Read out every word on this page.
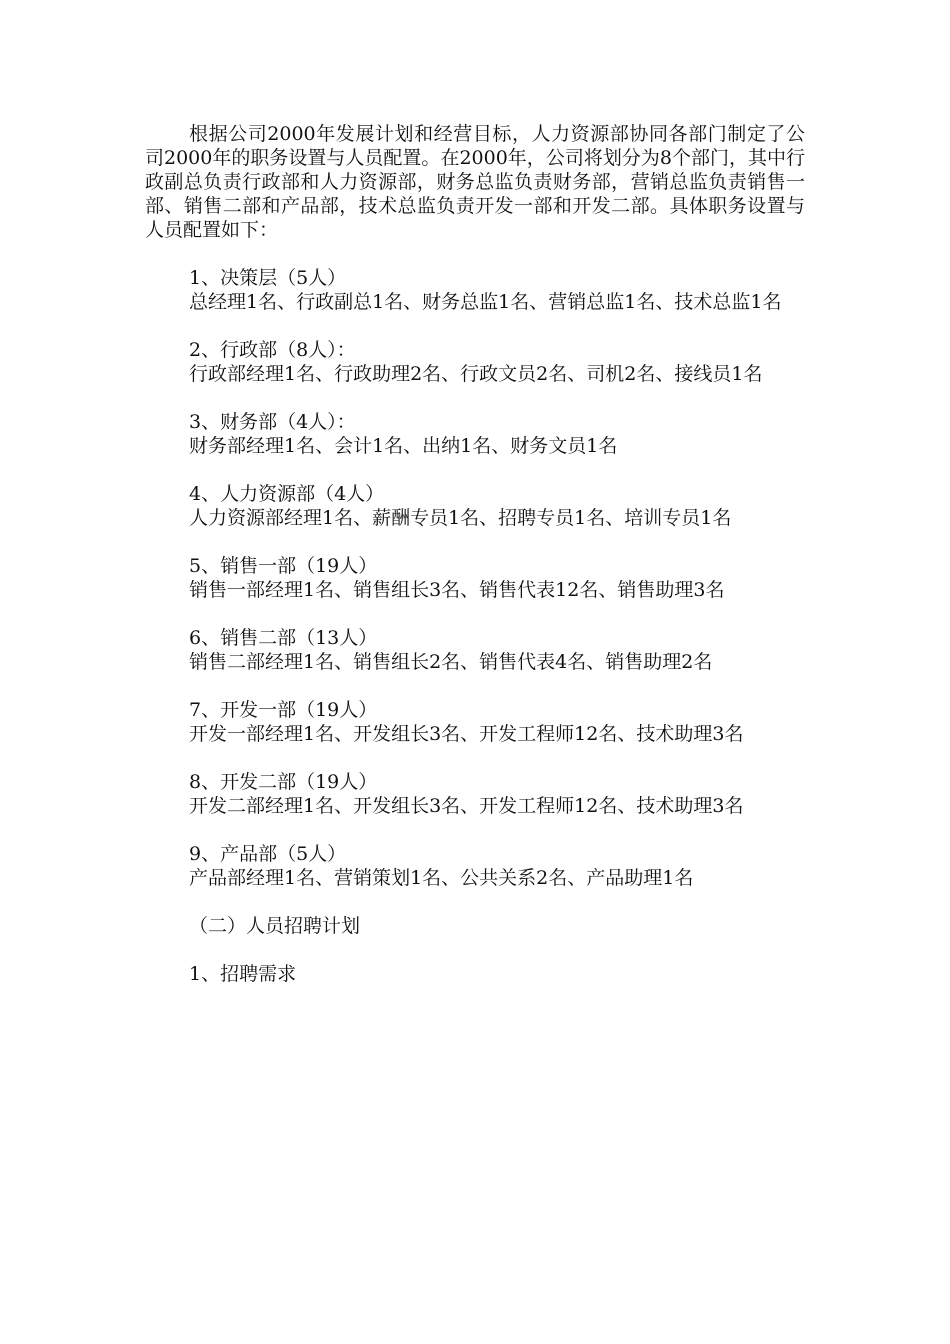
根据公司2000年发展计划和经营目标，人力资源部协同各部门制定了公司2000年的职务设置与人员配置。在2000年，公司将划分为8个部门，其中行政副总负责行政部和人力资源部，财务总监负责财务部，营销总监负责销售一部、销售二部和产品部，技术总监负责开发一部和开发二部。具体职务设置与人员配置如下：

1、决策层（5人）

总经理1名、行政副总1名、财务总监1名、营销总监1名、技术总监1名

2、行政部（8人）：

行政部经理1名、行政助理2名、行政文员2名、司机2名、接线员1名

3、财务部（4人）：

财务部经理1名、会计1名、出纳1名、财务文员1名

4、人力资源部（4人）

人力资源部经理1名、薪酬专员1名、招聘专员1名、培训专员1名

5、销售一部（19人）

销售一部经理1名、销售组长3名、销售代表12名、销售助理3名

6、销售二部（13人）

销售二部经理1名、销售组长2名、销售代表4名、销售助理2名

7、开发一部（19人）

开发一部经理1名、开发组长3名、开发工程师12名、技术助理3名

8、开发二部（19人）

开发二部经理1名、开发组长3名、开发工程师12名、技术助理3名

9、产品部（5人）

产品部经理1名、营销策划1名、公共关系2名、产品助理1名

（二）人员招聘计划

1、招聘需求
